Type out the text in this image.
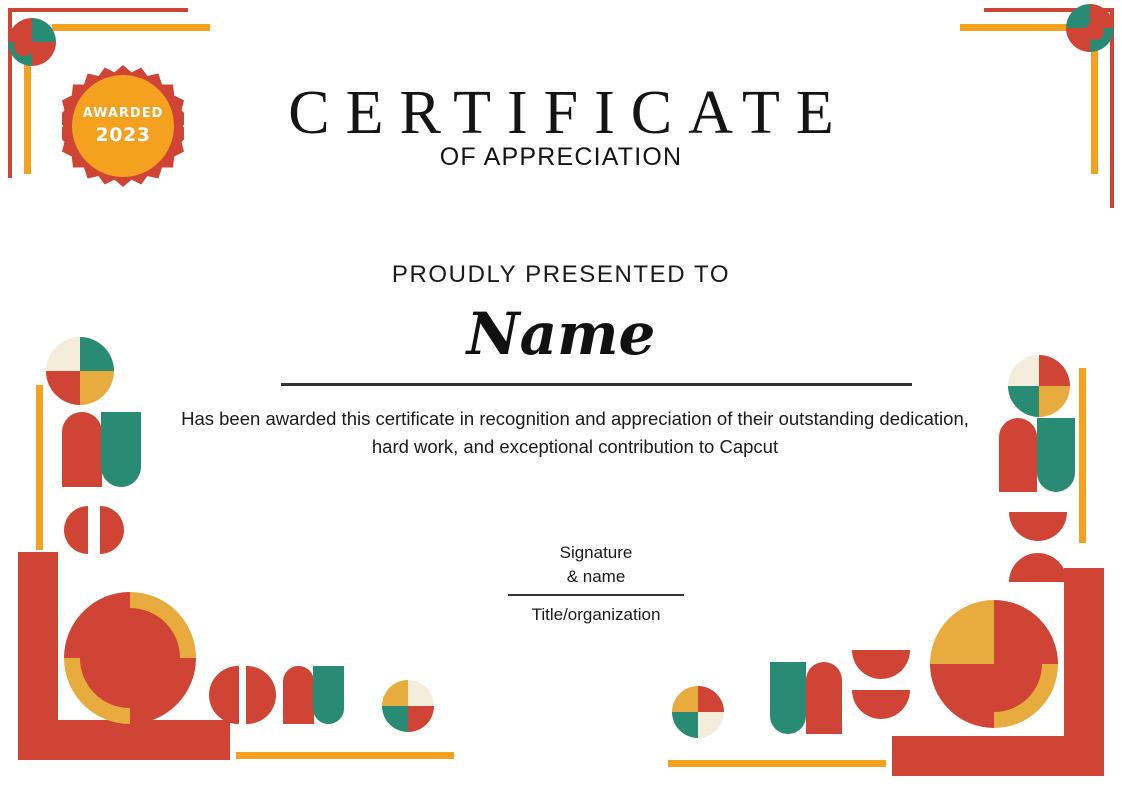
AWARDED
2023	CERTIFICATE
OF APPRECIATION
PROUDLY PRESENTED TO
Name
Has been awarded this certificate in recognition and appreciation of their outstanding dedication, hard work, and exceptional contribution to Capcut
Signature
& name
Title/organization
